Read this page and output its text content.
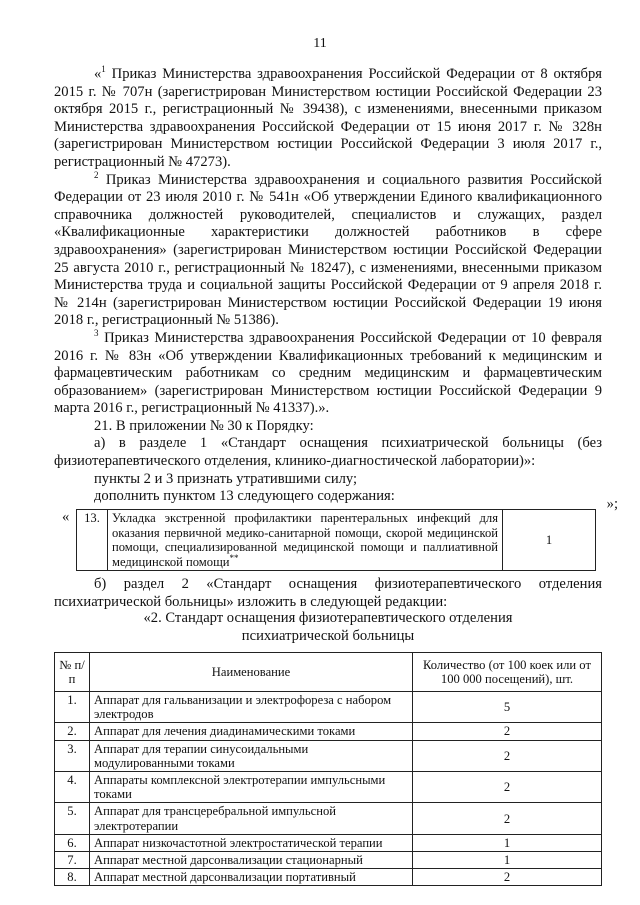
11

«$^1$ Приказ Министерства здравоохранения Российской Федерации от 8 октября 2015 г. № 707н (зарегистрирован Министерством юстиции Российской Федерации 23 октября 2015 г., регистрационный № 39438), с изменениями, внесенными приказом Министерства здравоохранения Российской Федерации от 15 июня 2017 г. № 328н (зарегистрирован Министерством юстиции Российской Федерации 3 июля 2017 г., регистрационный № 47273).

$^2$ Приказ Министерства здравоохранения и социального развития Российской Федерации от 23 июля 2010 г. № 541н «Об утверждении Единого квалификационного справочника должностей руководителей, специалистов и служащих, раздел «Квалификационные характеристики должностей работников в сфере здравоохранения» (зарегистрирован Министерством юстиции Российской Федерации 25 августа 2010 г., регистрационный № 18247), с изменениями, внесенными приказом Министерства труда и социальной защиты Российской Федерации от 9 апреля 2018 г. № 214н (зарегистрирован Министерством юстиции Российской Федерации 19 июня 2018 г., регистрационный № 51386).

$^3$ Приказ Министерства здравоохранения Российской Федерации от 10 февраля 2016 г. № 83н «Об утверждении Квалификационных требований к медицинским и фармацевтическим работникам со средним медицинским и фармацевтическим образованием» (зарегистрирован Министерством юстиции Российской Федерации 9 марта 2016 г., регистрационный № 41337).».

21. В приложении № 30 к Порядку:

а) в разделе 1 «Стандарт оснащения психиатрической больницы (без физиотерапевтического отделения, клинико-диагностической лаборатории)»:

пункты 2 и 3 признать утратившими силу;

дополнить пунктом 13 следующего содержания:

« 13.	Укладка экстренной профилактики парентеральных инфекций для оказания первичной медико-санитарной помощи, скорой медицинской помощи, специализированной медицинской помощи и паллиативной медицинской помощи**	1
»;

б) раздел 2 «Стандарт оснащения физиотерапевтического отделения психиатрической больницы» изложить в следующей редакции:

«2. Стандарт оснащения физиотерапевтического отделения
психиатрической больницы
№ п/п	Наименование	Количество (от 100 коек или от 100 000 посещений), шт.
1.	Аппарат для гальванизации и электрофореза с набором электродов	5
2.	Аппарат для лечения диадинамическими токами	2
3.	Аппарат для терапии синусоидальными модулированными токами	2
4.	Аппараты комплексной электротерапии импульсными токами	2
5.	Аппарат для трансцеребральной импульсной электротерапии	2
6.	Аппарат низкочастотной электростатической терапии	1
7.	Аппарат местной дарсонвализации стационарный	1
8.	Аппарат местной дарсонвализации портативный	2
